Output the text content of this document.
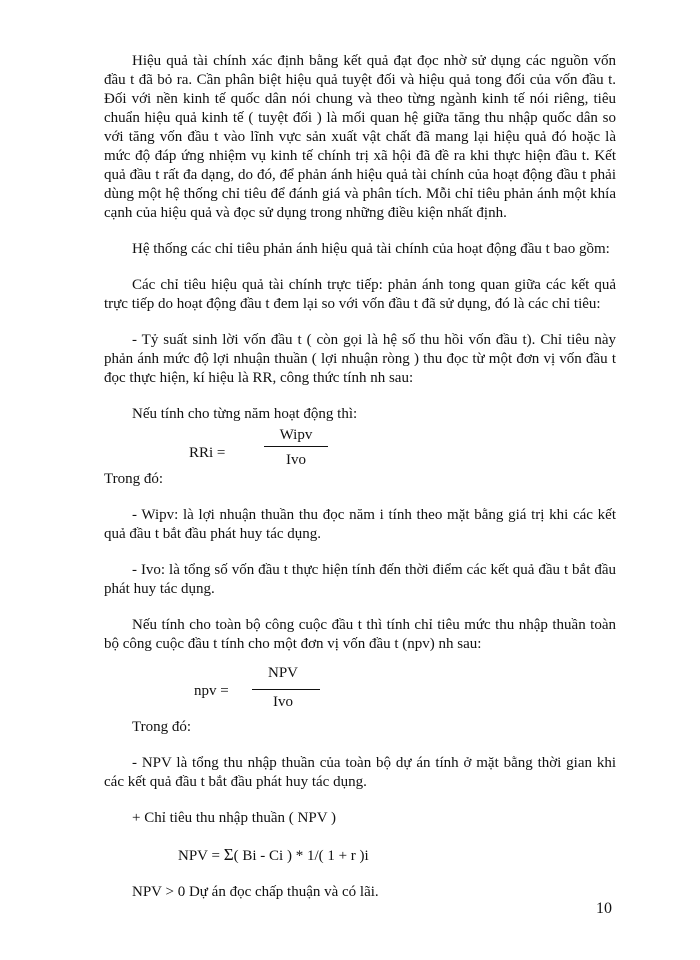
Hiệu quả tài chính xác định bằng kết quả đạt đọc nhờ sử dụng các nguồn vốn đầu t đã bỏ ra. Cần phân biệt hiệu quả tuyệt đối và hiệu quả tong đối của vốn đầu t. Đối với nền kinh tế quốc dân nói chung và theo từng ngành kinh tế nói riêng, tiêu chuẩn hiệu quả kinh tế ( tuyệt đối ) là mối quan hệ giữa tăng thu nhập quốc dân so với tăng vốn đầu t vào lĩnh vực sản xuất vật chất đã mang lại hiệu quả đó hoặc là mức độ đáp ứng nhiệm vụ kinh tế chính trị xã hội đã đề ra khi thực hiện đầu t. Kết quả đầu t rất đa dạng, do đó, để phản ánh hiệu quả tài chính của hoạt động đầu t phải dùng một hệ thống chỉ tiêu để đánh giá và phân tích. Mỗi chỉ tiêu phản ánh một khía cạnh của hiệu quả và đọc sử dụng trong những điều kiện nhất định.

Hệ thống các chỉ tiêu phản ánh hiệu quả tài chính của hoạt động đầu t bao gồm:

Các chỉ tiêu hiệu quả tài chính trực tiếp: phản ánh tong quan giữa các kết quả trực tiếp do hoạt động đầu t đem lại so với vốn đầu t đã sử dụng, đó là các chỉ tiêu:

- Tỷ suất sinh lời vốn đầu t ( còn gọi là hệ số thu hồi vốn đầu t). Chỉ tiêu này phản ánh mức độ lợi nhuận thuần ( lợi nhuận ròng ) thu đọc từ một đơn vị vốn đầu t đọc thực hiện, kí hiệu là RR, công thức tính nh sau:

Nếu tính cho từng năm hoạt động thì:

RRi =
Wipv
Ivo

Trong đó:

- Wipv: là lợi nhuận thuần thu đọc năm i tính theo mặt bằng giá trị khi các kết quả đầu t bắt đầu phát huy tác dụng.

- Ivo: là tổng số vốn đầu t thực hiện tính đến thời điểm các kết quả đầu t bắt đầu phát huy tác dụng.

Nếu tính cho toàn bộ công cuộc đầu t thì tính chỉ tiêu mức thu nhập thuần toàn bộ công cuộc đầu t tính cho một đơn vị vốn đầu t (npv) nh sau:

npv =
NPV
Ivo

Trong đó:

- NPV là tổng thu nhập thuần của toàn bộ dự án tính ở mặt bằng thời gian khi các kết quả đầu t bắt đầu phát huy tác dụng.

+ Chỉ tiêu thu nhập thuần ( NPV )

NPV = Σ( Bi - Ci ) * 1/( 1 + r )i

NPV > 0 Dự án đọc chấp thuận và có lãi.

10
